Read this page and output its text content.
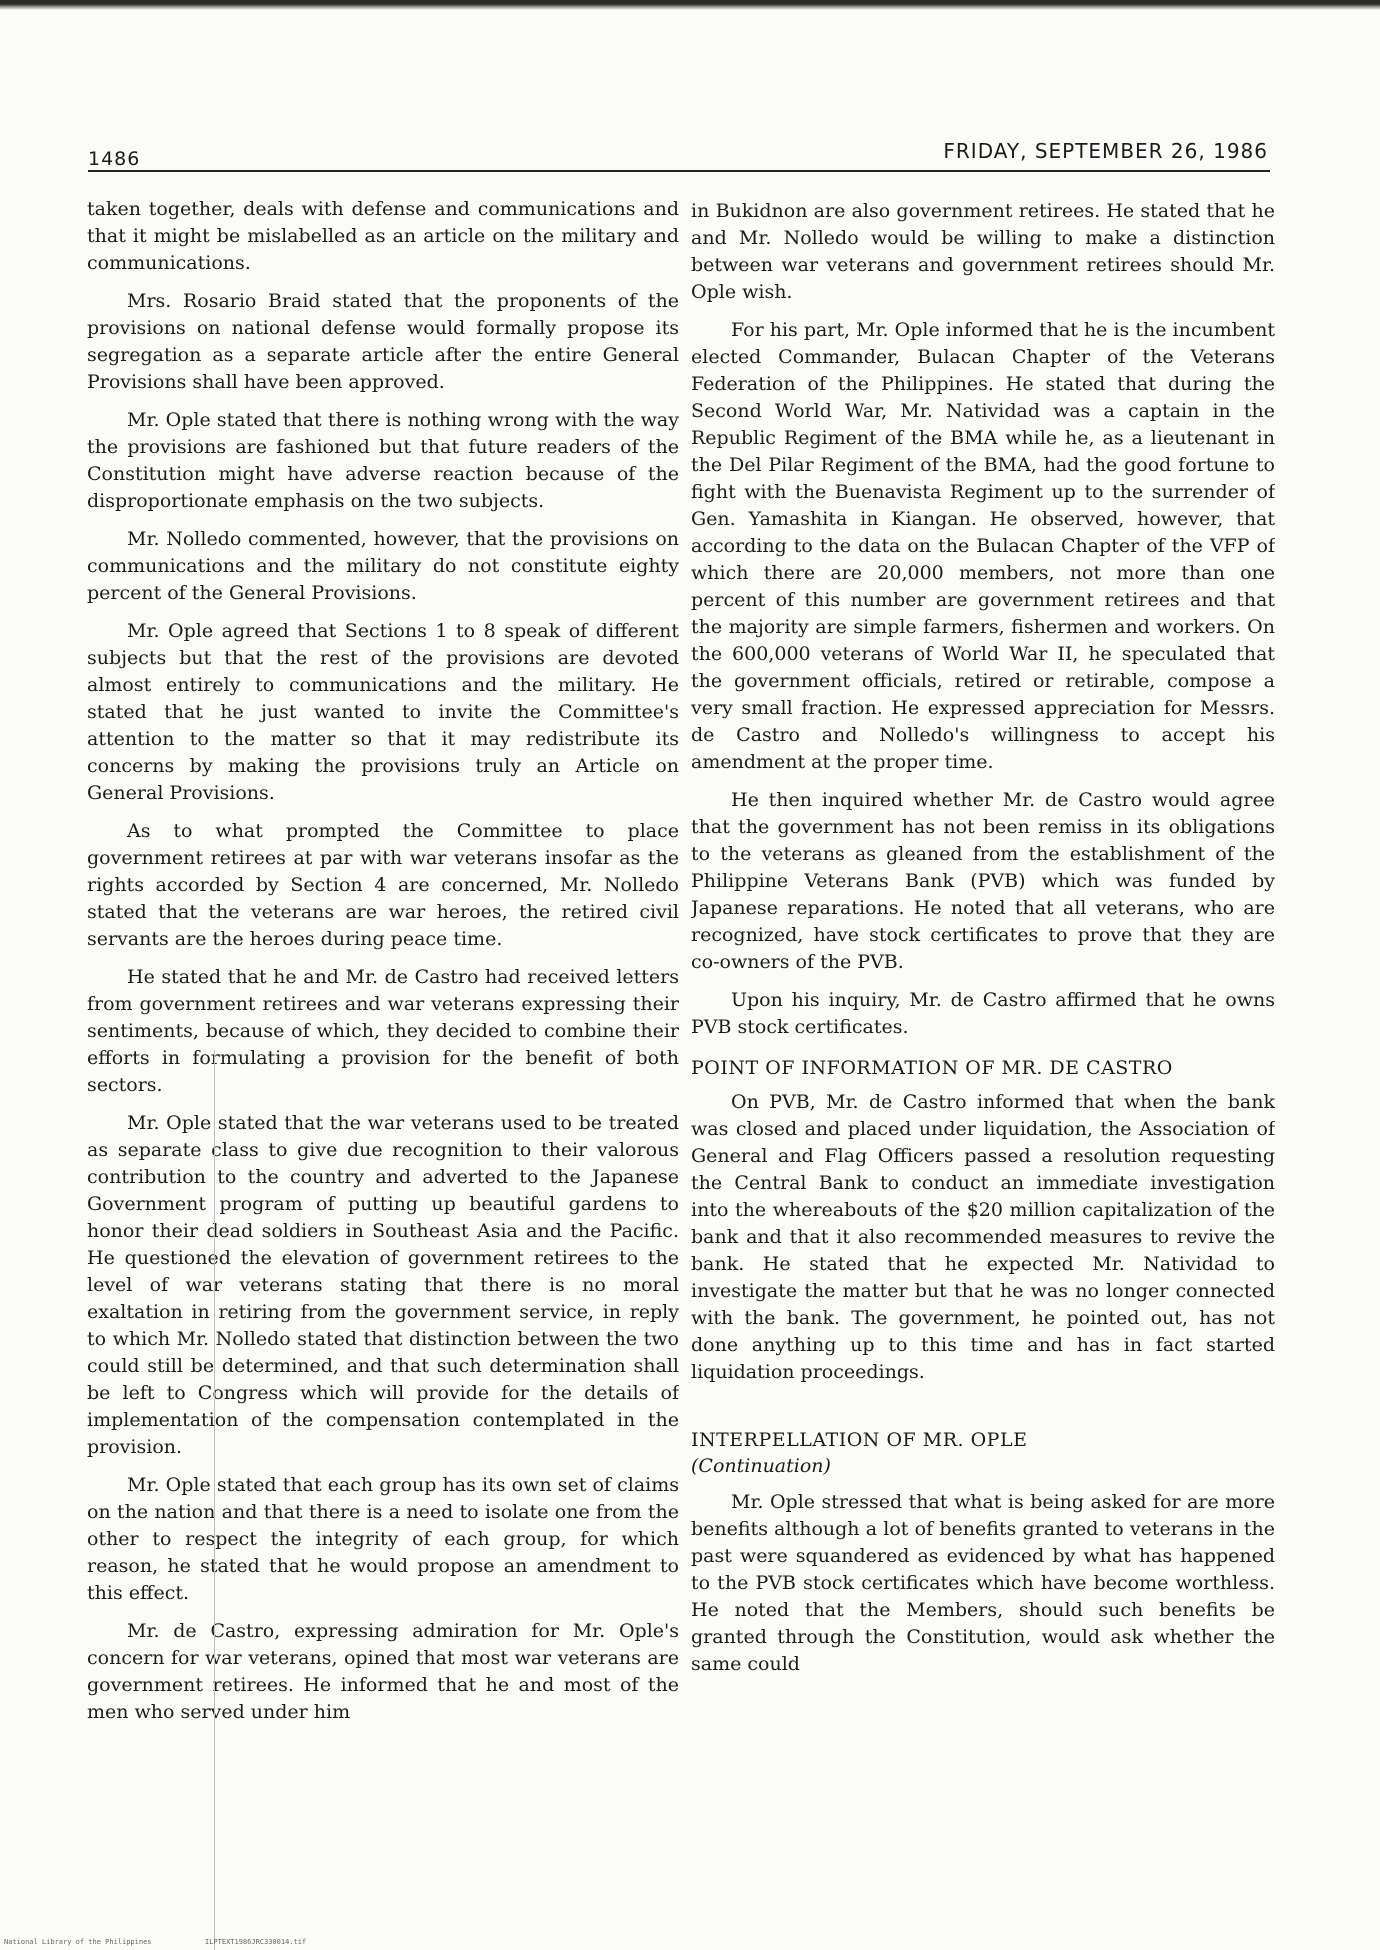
1486	FRIDAY, SEPTEMBER 26, 1986

taken together, deals with defense and communications and that it might be mislabelled as an article on the military and communications.

Mrs. Rosario Braid stated that the proponents of the provisions on national defense would formally propose its segregation as a separate article after the entire General Provisions shall have been approved.

Mr. Ople stated that there is nothing wrong with the way the provisions are fashioned but that future readers of the Constitution might have adverse reaction because of the disproportionate emphasis on the two subjects.

Mr. Nolledo commented, however, that the provisions on communications and the military do not constitute eighty percent of the General Provisions.

Mr. Ople agreed that Sections 1 to 8 speak of different subjects but that the rest of the provisions are devoted almost entirely to communications and the military. He stated that he just wanted to invite the Committee's attention to the matter so that it may redistribute its concerns by making the provisions truly an Article on General Provisions.

As to what prompted the Committee to place government retirees at par with war veterans insofar as the rights accorded by Section 4 are concerned, Mr. Nolledo stated that the veterans are war heroes, the retired civil servants are the heroes during peace time.

He stated that he and Mr. de Castro had received letters from government retirees and war veterans expressing their sentiments, because of which, they decided to combine their efforts in formulating a provision for the benefit of both sectors.

Mr. Ople stated that the war veterans used to be treated as separate class to give due recognition to their valorous contribution to the country and adverted to the Japanese Government program of putting up beautiful gardens to honor their dead soldiers in Southeast Asia and the Pacific. He questioned the elevation of government retirees to the level of war veterans stating that there is no moral exaltation in retiring from the government service, in reply to which Mr. Nolledo stated that distinction between the two could still be determined, and that such determination shall be left to Congress which will provide for the details of implementation of the compensation contemplated in the provision.

Mr. Ople stated that each group has its own set of claims on the nation and that there is a need to isolate one from the other to respect the integrity of each group, for which reason, he stated that he would propose an amendment to this effect.

Mr. de Castro, expressing admiration for Mr. Ople's concern for war veterans, opined that most war veterans are government retirees. He informed that he and most of the men who served under him

in Bukidnon are also government retirees. He stated that he and Mr. Nolledo would be willing to make a distinction between war veterans and government retirees should Mr. Ople wish.

For his part, Mr. Ople informed that he is the incumbent elected Commander, Bulacan Chapter of the Veterans Federation of the Philippines. He stated that during the Second World War, Mr. Natividad was a captain in the Republic Regiment of the BMA while he, as a lieutenant in the Del Pilar Regiment of the BMA, had the good fortune to fight with the Buenavista Regiment up to the surrender of Gen. Yamashita in Kiangan. He observed, however, that according to the data on the Bulacan Chapter of the VFP of which there are 20,000 members, not more than one percent of this number are government retirees and that the majority are simple farmers, fishermen and workers. On the 600,000 veterans of World War II, he speculated that the government officials, retired or retirable, compose a very small fraction. He expressed appreciation for Messrs. de Castro and Nolledo's willingness to accept his amendment at the proper time.

He then inquired whether Mr. de Castro would agree that the government has not been remiss in its obligations to the veterans as gleaned from the establishment of the Philippine Veterans Bank (PVB) which was funded by Japanese reparations. He noted that all veterans, who are recognized, have stock certificates to prove that they are co-owners of the PVB.

Upon his inquiry, Mr. de Castro affirmed that he owns PVB stock certificates.

POINT OF INFORMATION OF MR. DE CASTRO

On PVB, Mr. de Castro informed that when the bank was closed and placed under liquidation, the Association of General and Flag Officers passed a resolution requesting the Central Bank to conduct an immediate investigation into the whereabouts of the $20 million capitalization of the bank and that it also recommended measures to revive the bank. He stated that he expected Mr. Natividad to investigate the matter but that he was no longer connected with the bank. The government, he pointed out, has not done anything up to this time and has in fact started liquidation proceedings.

INTERPELLATION OF MR. OPLE
(Continuation)

Mr. Ople stressed that what is being asked for are more benefits although a lot of benefits granted to veterans in the past were squandered as evidenced by what has happened to the PVB stock certificates which have become worthless. He noted that the Members, should such benefits be granted through the Constitution, would ask whether the same could

National Library of the Philippines	ILPTEXT1986JRC330014.tif
